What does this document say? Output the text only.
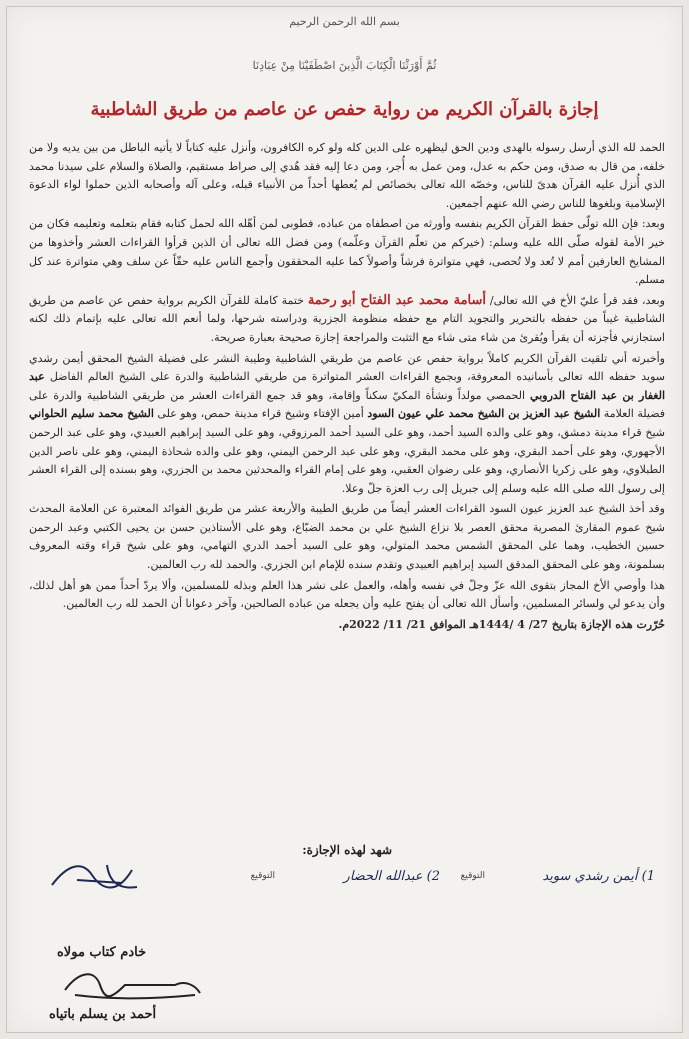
بسم الله الرحمن الرحيم
ثُمَّ أَوْرَثْنَا الْكِتَابَ الَّذِينَ اصْطَفَيْنَا مِنْ عِبَادِنَا
إجازة بالقرآن الكريم من رواية حفص عن عاصم من طريق الشاطبية

الحمد لله الذي أرسل رسوله بالهدى ودين الحق ليظهره على الدين كله ولو كره الكافرون، وأنزل عليه كتاباً لا يأتيه الباطل من بين يديه ولا من خلفه، من قال به صدق، ومن حكم به عدل، ومن عمل به أُجر، ومن دعا إليه فقد هُدي إلى صراط مستقيم، والصلاة والسلام على سيدنا محمد الذي أُنزل عليه القرآن هدىً للناس، وخصّه الله تعالى بخصائص لم يُعطها أحداً من الأنبياء قبله، وعلى آله وأصحابه الذين حملوا لواء الدعوة الإسلامية وبلغوها للناس رضي الله عنهم أجمعين.

وبعد: فإن الله تولّى حفظ القرآن الكريم بنفسه وأورثه من اصطفاه من عباده، فطوبى لمن أهّله الله لحمل كتابه فقام بتعلمه وتعليمه فكان من خير الأمة لقوله صلّى الله عليه وسلم: (خيركم من تعلّم القرآن وعلّمه) ومن فضل الله تعالى أن الذين قرأوا القراءات العشر وأخذوها من المشايخ العارفين أمم لا تُعد ولا تُحصى، فهي متواترة فرشاً وأصولاً كما عليه المحققون وأجمع الناس عليه حقّاً عن سلف وهي متواترة عند كل مسلم.

وبعد، فقد قرأ عليّ الأخ في الله تعالى/ أسامة محمد عبد الفتاح أبو رحمة ختمة كاملة للقرآن الكريم برواية حفص عن عاصم من طريق الشاطبية غيباً من حفظه بالتحرير والتجويد التام مع حفظه منظومة الجزرية ودراسته شرحها، ولما أنعم الله تعالى عليه بإتمام ذلك لكنه استجازني فأجزته أن يقرأ ويُقرئ من شاء متى شاء مع التثبت والمراجعة إجازة صحيحة بعبارة صريحة.

وأخبرته أني تلقيت القرآن الكريم كاملاً برواية حفص عن عاصم من طريقي الشاطبية وطيبة النشر على فضيلة الشيخ المحقق أيمن رشدي سويد حفظه الله تعالى بأسانيده المعروفة، وبجمع القراءات العشر المتواترة من طريقي الشاطبية والدرة على الشيخ العالم الفاضل عبد الغفار بن عبد الفتاح الدروبي الحمصي مولداً ونشأة المكيّ سكناً وإقامة، وهو قد جمع القراءات العشر من طريقي الشاطبية والدرة على فضيلة العلامة الشيخ عبد العزيز بن الشيخ محمد علي عيون السود أمين الإفتاء وشيخ قراء مدينة حمص، وهو على الشيخ محمد سليم الحلواني شيخ قراء مدينة دمشق، وهو على والده السيد أحمد، وهو على السيد أحمد المرزوقي، وهو على السيد إبراهيم العبيدي، وهو على عبد الرحمن الأجهوري، وهو على أحمد البقري، وهو على محمد البقري، وهو على عبد الرحمن اليمني، وهو على والده شحاذة اليمني، وهو على ناصر الدين الطبلاوي، وهو على زكريا الأنصاري، وهو على رضوان العقبي، وهو على إمام القراء والمحدثين محمد بن الجزري، وهو بسنده إلى القراء العشر إلى رسول الله صلى الله عليه وسلم إلى جبريل إلى رب العزة جلّ وعلا.

وقد أخذ الشيخ عبد العزيز عيون السود القراءات العشر أيضاً من طريق الطيبة والأربعة عشر من طريق الفوائد المعتبرة عن العلامة المحدث شيخ عموم المقارئ المصرية محقق العصر بلا نزاع الشيخ علي بن محمد الضبّاع، وهو على الأستاذين حسن بن يحيى الكتبي وعبد الرحمن حسين الخطيب، وهما على المحقق الشمس محمد المتولي، وهو على السيد أحمد الدري التهامي، وهو على شيخ قراء وقته المعروف بسلمونة، وهو على المحقق المدقق السيد إبراهيم العبيدي وتقدم سنده للإمام ابن الجزري. والحمد لله رب العالمين.

هذا وأوصي الأخ المجاز بتقوى الله عزّ وجلّ في نفسه وأهله، والعمل على نشر هذا العلم وبذله للمسلمين، وألا يردّ أحداً ممن هو أهل لذلك، وأن يدعو لي ولسائر المسلمين، وأسأل الله تعالى أن يفتح عليه وأن يجعله من عباده الصالحين، وآخر دعوانا أن الحمد لله رب العالمين.

حُرّرت هذه الإجازة بتاريخ 27/ 4 /1444هـ الموافق 21/ 11/ 2022م.

شهد لهذه الإجازة:
1) أيمن رشدي سويد
التوقيع
2) عبدالله الحضار
التوقيع
خادم كتاب مولاه
أحمد بن يسلم باتياه
